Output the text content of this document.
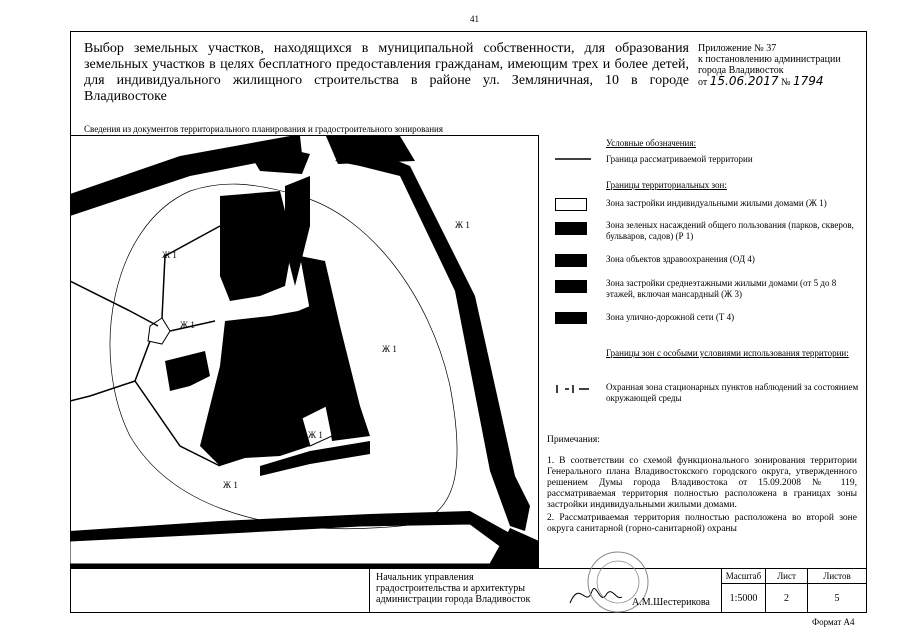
41
Выбор земельных участков, находящихся в муниципальной собственности, для образования земельных участков в целях бесплатного предоставления гражданам, имеющим трех и более детей, для индивидуального жилищного строительства в районе ул. Земляничная, 10 в городе Владивостоке
Приложение № 37
к постановлению администрации
города Владивосток
от 15.06.2017 № 1794
Сведения из документов территориального планирования и градостроительного зонирования
Ж 1
Ж 1
Ж 1
Ж 1
Ж 1
Ж 1
Ж 1
Условные обозначения:
Граница рассматриваемой территории
Границы территориальных зон:
Зона застройки индивидуальными жилыми домами (Ж 1)
Зона зеленых насаждений общего пользования (парков, скверов, бульваров, садов) (Р 1)
Зона объектов здравоохранения (ОД 4)
Зона застройки среднеэтажными жилыми домами (от 5 до 8 этажей, включая мансардный (Ж 3)
Зона улично-дорожной сети (Т 4)
Границы зон с особыми условиями использования территории:
Охранная зона стационарных пунктов наблюдений за состоянием окружающей среды

Примечания:

1. В соответствии со схемой функционального зонирования территории Генерального плана Владивостокского городского округа, утвержденного решением Думы города Владивостока от 15.09.2008 № 119, рассматриваемая территория полностью расположена в границах зоны застройки индивидуальными жилыми домами.

2. Рассматриваемая территория полностью расположена во второй зоне округа санитарной (горно-санитарной) охраны

Начальник управления
градостроительства и архитектуры
администрации города Владивосток	А.М.Шестерикова
Масштаб
1:5000
Лист
2
Листов
5
Формат А4
